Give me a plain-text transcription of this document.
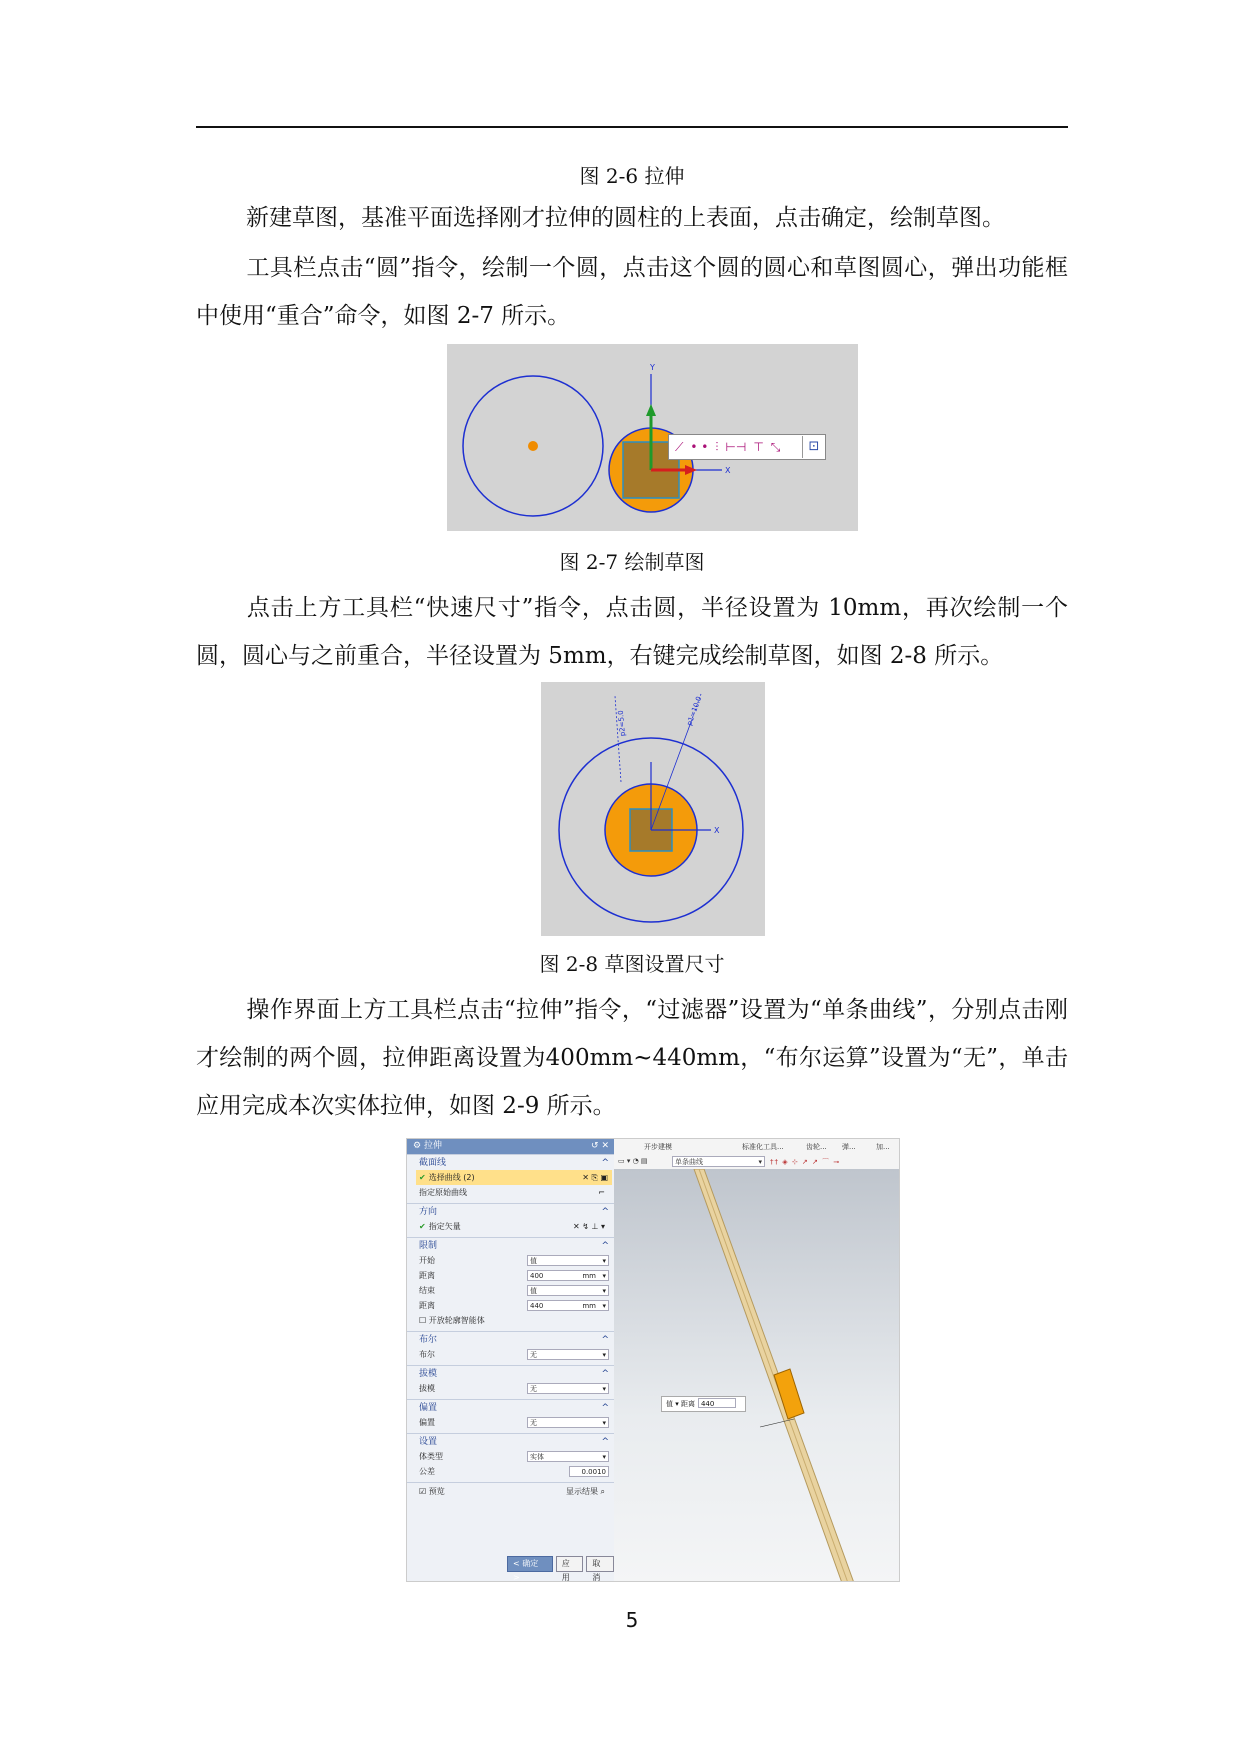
图 2-6 拉伸
新建草图，基准平面选择刚才拉伸的圆柱的上表面，点击确定，绘制草图。
工具栏点击“圆”指令，绘制一个圆，点击这个圆的圆心和草图圆心，弹出功能框中使用“重合”命令，如图 2-7 所示。
Y
X
⟋ • • ⫶ ⊢⊣ ⊤ ⤡	⊡
图 2-7 绘制草图
点击上方工具栏“快速尺寸”指令，点击圆，半径设置为 10mm，再次绘制一个圆，圆心与之前重合，半径设置为 5mm，右键完成绘制草图，如图 2-8 所示。
X
p1=10.0
p2=5.0
图 2-8 草图设置尺寸
操作界面上方工具栏点击“拉伸”指令，“过滤器”设置为“单条曲线”，分别点击刚才绘制的两个圆，拉伸距离设置为400mm~440mm，“布尔运算”设置为“无”，单击应用完成本次实体拉伸，如图 2-9 所示。
⚙ 拉伸	↺ ✕
截面线	^
✔ 选择曲线 (2)	✕ ⎘ ▣
指定原始曲线	⌐
方向	^
✔ 指定矢量	✕ ↯ ⊥ ▾
限制	^
开始	值	▾
距离	400	mm ▾
结束	值	▾
距离	440	mm ▾
☐ 开放轮廓智能体
布尔	^
布尔	无	▾
拔模	^
拔模	无	▾
偏置	^
偏置	无	▾
设置	^
体类型	实体	▾
公差	0.0010
☑ 预览	显示结果 ⌕
< 确定 >
应用
取消
开步建模	标准化工具...	齿轮... 弹...	加...
▭ ▾ ◔ ▤	单条曲线	▾ †† ◈ ⊹ ↗ ↗ ⌒ ⊸
值 ▾ 距离 440
5
